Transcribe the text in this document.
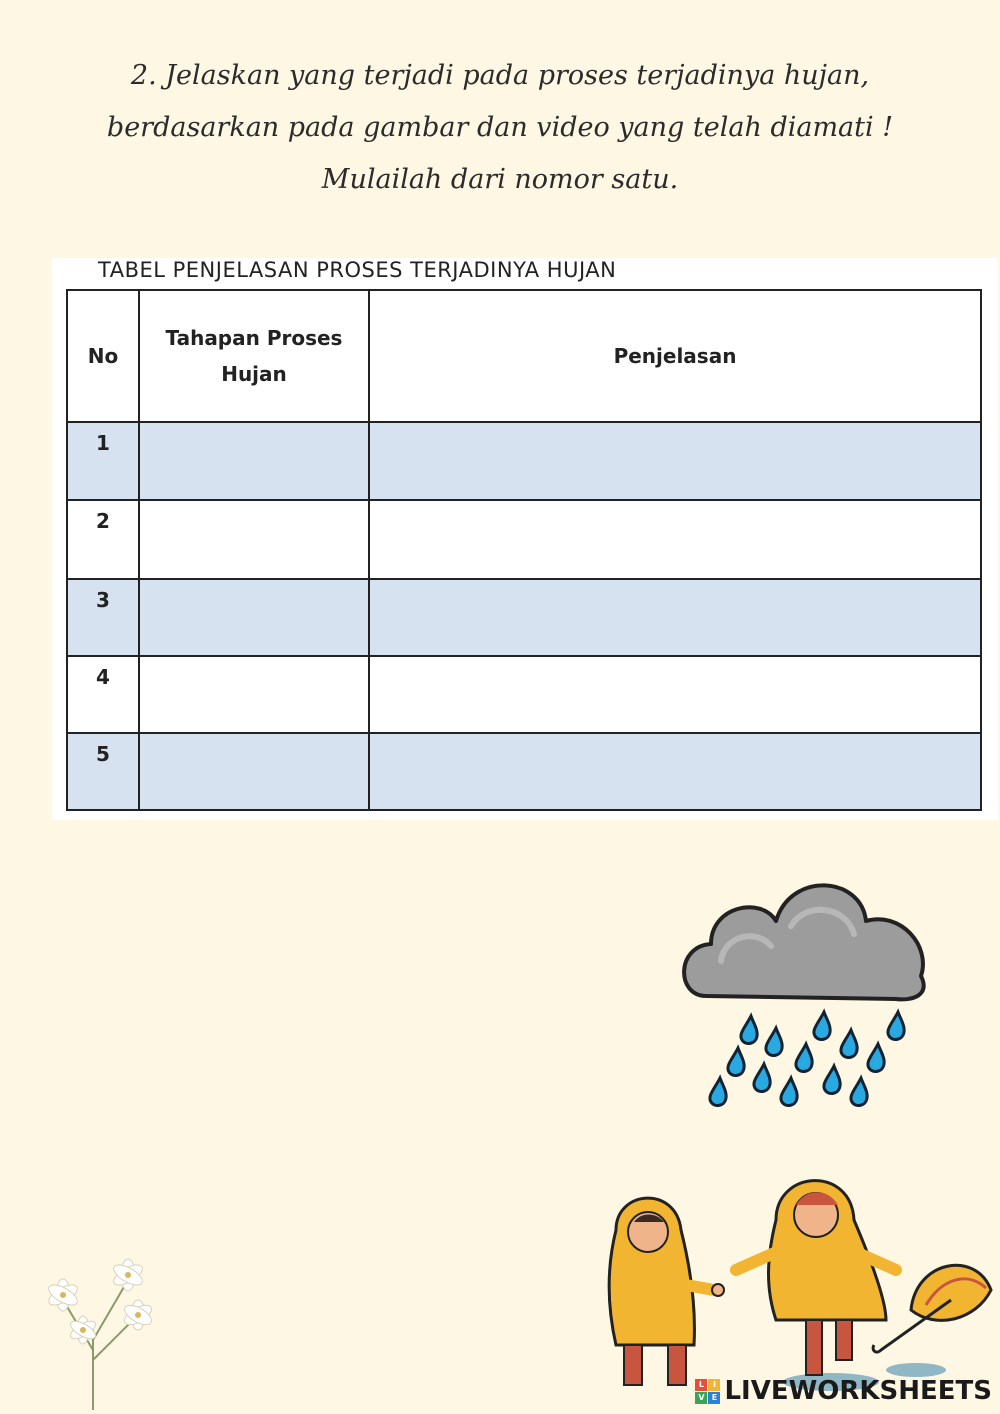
2. Jelaskan yang terjadi pada proses terjadinya hujan,
berdasarkan pada gambar dan video yang telah diamati !
Mulailah dari nomor satu.
TABEL PENJELASAN PROSES TERJADINYA HUJAN
No	Tahapan Proses Hujan	Penjelasan
1	

2	

3	

4	

5	

L	I
V E LIVEWORKSHEETS
